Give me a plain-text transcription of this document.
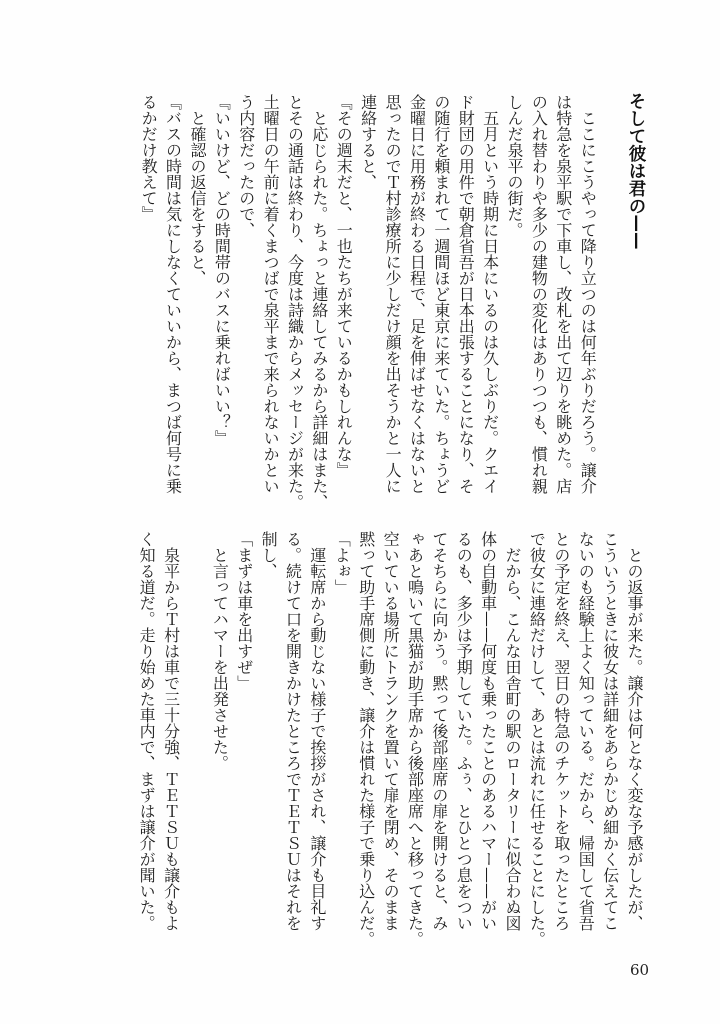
そして彼は君の——
ここにこうやって降り立つのは何年ぶりだろう。譲介
は特急を泉平駅で下車し、改札を出て辺りを眺めた。店
の入れ替わりや多少の建物の変化はありつつも、慣れ親
しんだ泉平の街だ。
五月という時期に日本にいるのは久しぶりだ。クエイ
ド財団の用件で朝倉省吾が日本出張することになり、そ
の随行を頼まれて一週間ほど東京に来ていた。ちょうど
金曜日に用務が終わる日程で、足を伸ばせなくはないと
思ったのでＴ村診療所に少しだけ顔を出そうかと一人に
連絡すると、
『その週末だと、一也たちが来ているかもしれんな』
と応じられた。ちょっと連絡してみるから詳細はまた、
とその通話は終わり、今度は詩織からメッセージが来た。
土曜日の午前に着くまつばで泉平まで来られないかとい
う内容だったので、
『いいけど、どの時間帯のバスに乗ればいい？』
と確認の返信をすると、
『バスの時間は気にしなくていいから、まつば何号に乗
るかだけ教えて』
との返事が来た。譲介は何となく変な予感がしたが、
こういうときに彼女は詳細をあらかじめ細かく伝えてこ
ないのも経験上よく知っている。だから、帰国して省吾
との予定を終え、翌日の特急のチケットを取ったところ
で彼女に連絡だけして、あとは流れに任せることにした。
だから、こんな田舎町の駅のロータリーに似合わぬ図
体の自動車——何度も乗ったことのあるハマー——がい
るのも、多少は予期していた。ふぅ、とひとつ息をつい
てそちらに向かう。黙って後部座席の扉を開けると、み
ゃあと鳴いて黒猫が助手席から後部座席へと移ってきた。
空いている場所にトランクを置いて扉を閉め、そのまま
黙って助手席側に動き、譲介は慣れた様子で乗り込んだ。
「よぉ」
運転席から動じない様子で挨拶がされ、譲介も目礼す
る。続けて口を開きかけたところでＴＥＴＳＵはそれを
制し、
「まずは車を出すぜ」
と言ってハマーを出発させた。
泉平からＴ村は車で三十分強、ＴＥＴＳＵも譲介もよ
く知る道だ。走り始めた車内で、まずは譲介が聞いた。
60
